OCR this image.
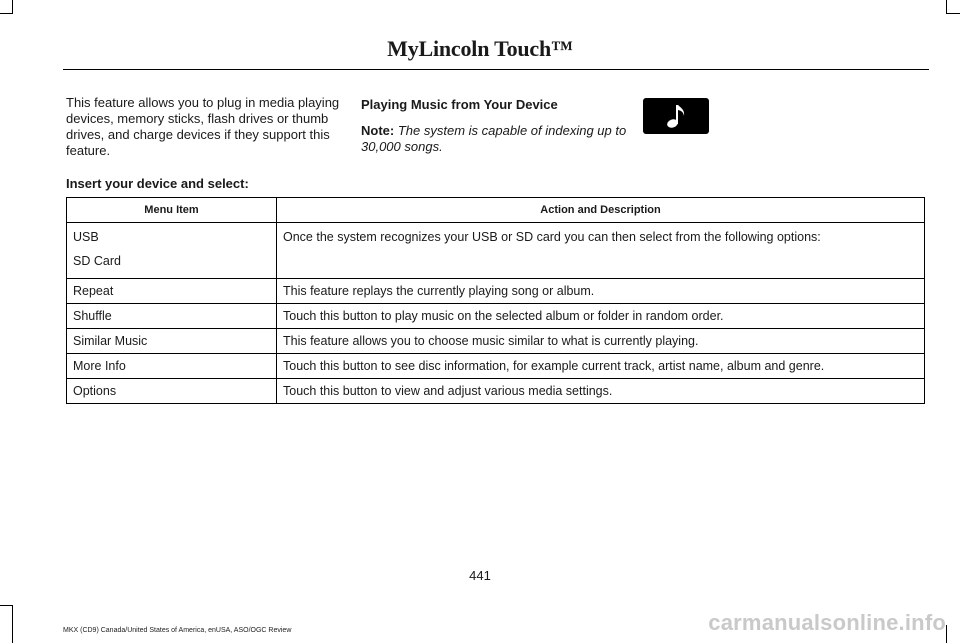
MyLincoln Touch™
This feature allows you to plug in media playing devices, memory sticks, flash drives or thumb drives, and charge devices if they support this feature.
Playing Music from Your Device
Note: The system is capable of indexing up to 30,000 songs.
Insert your device and select:
Menu Item	Action and Description

USB
SD Card	Once the system recognizes your USB or SD card you can then select from the following options:
Repeat	This feature replays the currently playing song or album.
Shuffle	Touch this button to play music on the selected album or folder in random order.
Similar Music	This feature allows you to choose music similar to what is currently playing.
More Info	Touch this button to see disc information, for example current track, artist name, album and genre.
Options	Touch this button to view and adjust various media settings.
441
MKX (CD9) Canada/United States of America, enUSA, ASO/OGC Review	carmanualsonline.info
